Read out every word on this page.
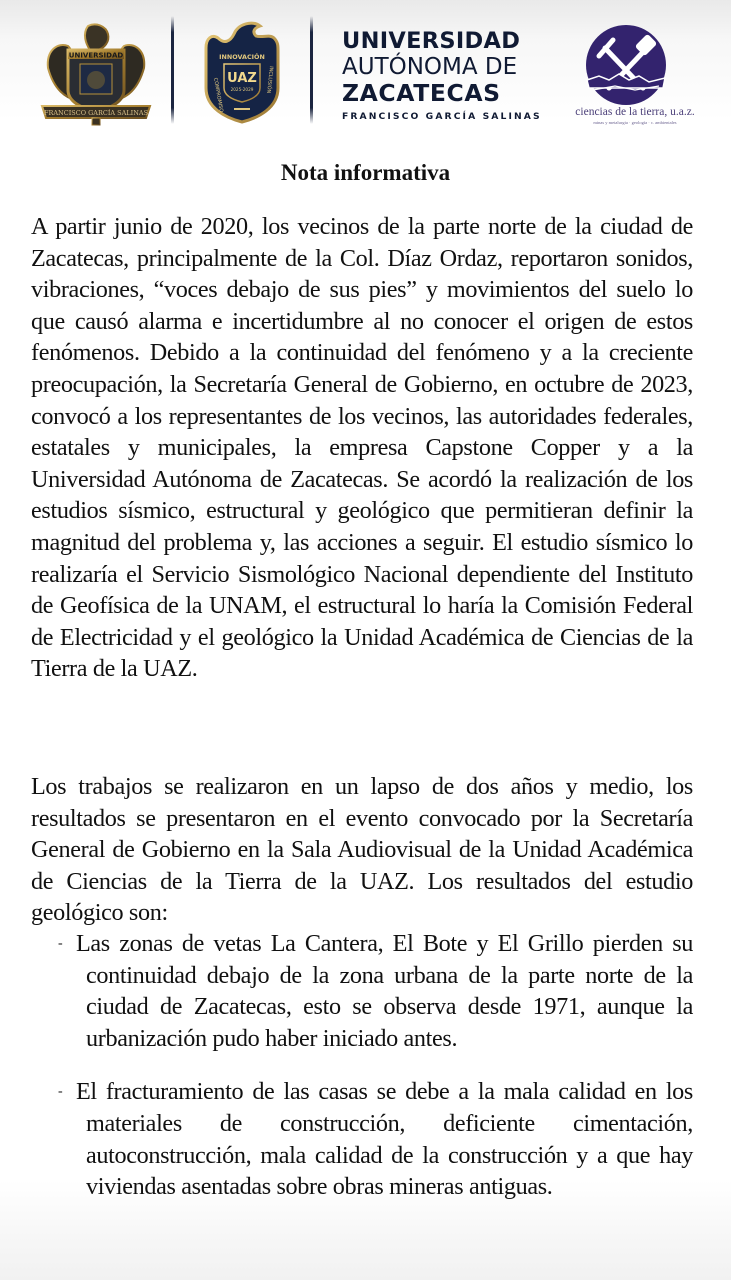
UNIVERSIDAD
FRANCISCO GARCÍA SALINAS
INNOVACIÓN
UAZ
2025-2029
COMPROMISO	INCLUSIÓN
UNIVERSIDAD
AUTÓNOMA DE
ZACATECAS
FRANCISCO GARCÍA SALINAS	ciencias de la tierra, u.a.z.
minas y metalurgia · geología · c. ambientales
Nota informativa

A partir junio de 2020, los vecinos de la parte norte de la ciudad de Zacatecas, principalmente de la Col. Díaz Ordaz, reportaron sonidos, vibraciones, “voces debajo de sus pies” y movimientos del suelo lo que causó alarma e incertidumbre al no conocer el origen de estos fenómenos. Debido a la continuidad del fenómeno y a la creciente preocupación, la Secretaría General de Gobierno, en octubre de 2023, convocó a los representantes de los vecinos, las autoridades federales, estatales y municipales, la empresa Capstone Copper y a la Universidad Autónoma de Zacatecas. Se acordó la realización de los estudios sísmico, estructural y geológico que permitieran definir la magnitud del problema y, las acciones a seguir. El estudio sísmico lo realizaría el Servicio Sismológico Nacional dependiente del Instituto de Geofísica de la UNAM, el estructural lo haría la Comisión Federal de Electricidad y el geológico la Unidad Académica de Ciencias de la Tierra de la UAZ.

Los trabajos se realizaron en un lapso de dos años y medio, los resultados se presentaron en el evento convocado por la Secretaría General de Gobierno en la Sala Audiovisual de la Unidad Académica de Ciencias de la Tierra de la UAZ. Los resultados del estudio geológico son:

- Las zonas de vetas La Cantera, El Bote y El Grillo pierden su continuidad debajo de la zona urbana de la parte norte de la ciudad de Zacatecas, esto se observa desde 1971, aunque la urbanización pudo haber iniciado antes.
- El fracturamiento de las casas se debe a la mala calidad en los materiales de construcción, deficiente cimentación, autoconstrucción, mala calidad de la construcción y a que hay viviendas asentadas sobre obras mineras antiguas.
